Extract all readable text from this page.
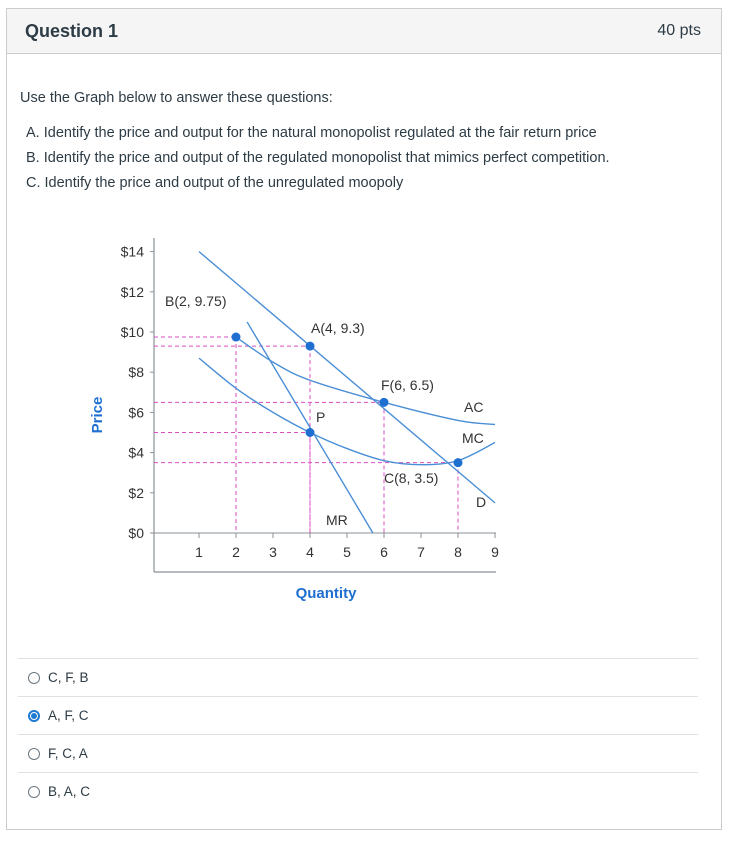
Question 1	40 pts

Use the Graph below to answer these questions:

A. Identify the price and output for the natural monopolist regulated at the fair return price
B. Identify the price and output of the regulated monopolist that mimics perfect competition.
C. Identify the price and output of the unregulated moopoly
$0
$2
$4
$6
$8
$10
$12
$14
1 2 3 4 5 6 7 8 9
Price
Quantity
B(2, 9.75)
A(4, 9.3)
F(6, 6.5)
P
C(8, 3.5)
AC
MC
D
MR
C, F, B
A, F, C
F, C, A
B, A, C
